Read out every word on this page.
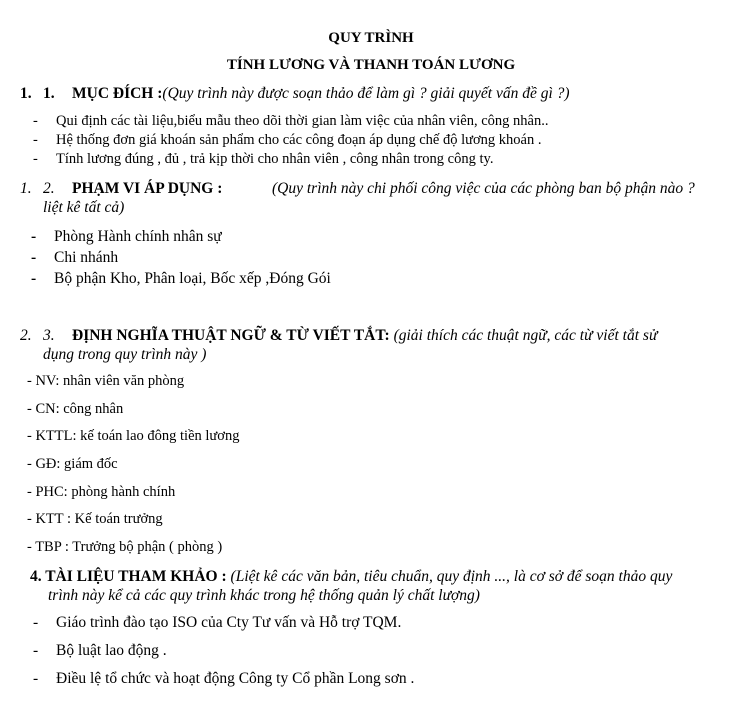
QUY TRÌNH
TÍNH LƯƠNG VÀ THANH TOÁN LƯƠNG
1. 1. MỤC ĐÍCH :(Quy trình này được soạn thảo để làm gì ? giải quyết vấn đề gì ?)
- Qui định các tài liệu,biểu mẫu theo dõi thời gian làm việc của nhân viên, công nhân..
- Hệ thống đơn giá khoán sản phẩm cho các công đoạn áp dụng chế độ lương khoán .
- Tính lương đúng , đủ , trả kịp thời cho nhân viên , công nhân trong công ty.
1. 2. PHẠM VI ÁP DỤNG :	(Quy trình này chi phối công việc của các phòng ban bộ phận nào ?
liệt kê tất cả)
- Phòng Hành chính nhân sự
- Chi nhánh
- Bộ phận Kho, Phân loại, Bốc xếp ,Đóng Gói
2. 3. ĐỊNH NGHĨA THUẬT NGỮ & TỪ VIẾT TẮT: (giải thích các thuật ngữ, các từ viết tắt sử
dụng trong quy trình này )
- NV: nhân viên văn phòng
- CN: công nhân
- KTTL: kế toán lao đông tiền lương
- GĐ: giám đốc
- PHC: phòng hành chính
- KTT : Kế toán trưởng
- TBP : Trưởng bộ phận ( phòng )
4. TÀI LIỆU THAM KHẢO : (Liệt kê các văn bản, tiêu chuẩn, quy định ..., là cơ sở để soạn thảo quy
trình này kể cả các quy trình khác trong hệ thống quản lý chất lượng)
- Giáo trình đào tạo ISO của Cty Tư vấn và Hỗ trợ TQM.
- Bộ luật lao động .
- Điều lệ tổ chức và hoạt động Công ty Cổ phần Long sơn .
